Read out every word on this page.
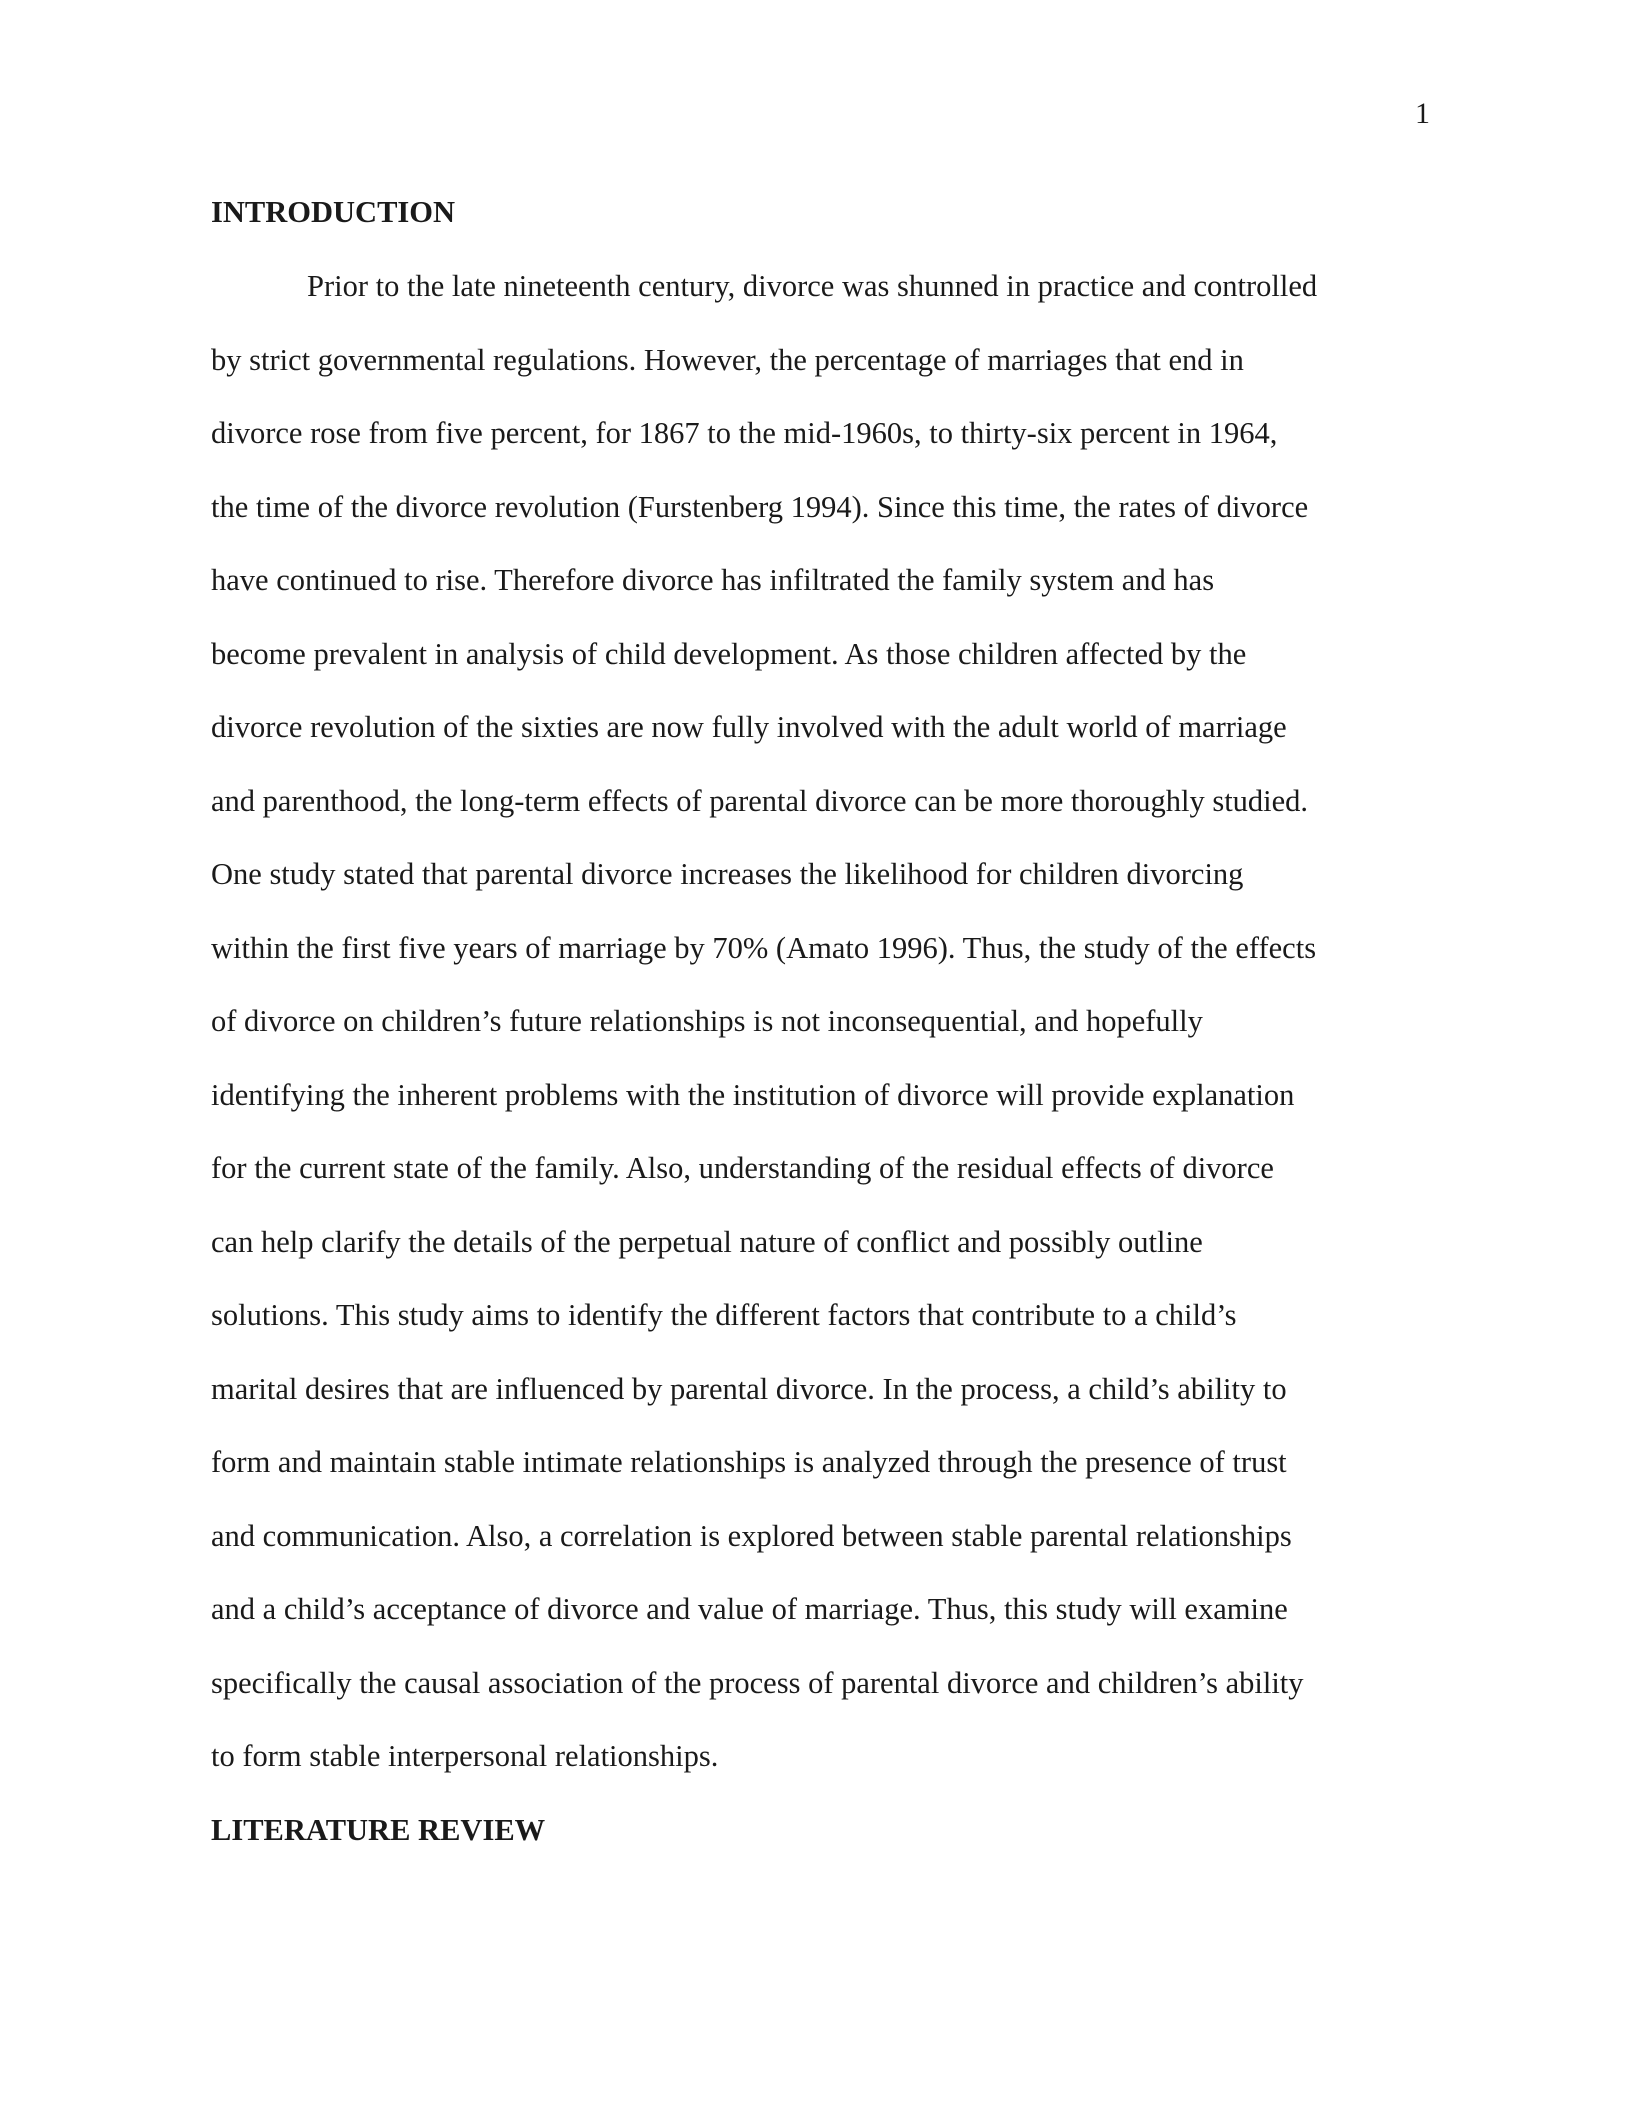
1
INTRODUCTION
Prior to the late nineteenth century, divorce was shunned in practice and controlled
by strict governmental regulations. However, the percentage of marriages that end in
divorce rose from five percent, for 1867 to the mid-1960s, to thirty-six percent in 1964,
the time of the divorce revolution (Furstenberg 1994). Since this time, the rates of divorce
have continued to rise. Therefore divorce has infiltrated the family system and has
become prevalent in analysis of child development. As those children affected by the
divorce revolution of the sixties are now fully involved with the adult world of marriage
and parenthood, the long-term effects of parental divorce can be more thoroughly studied.
One study stated that parental divorce increases the likelihood for children divorcing
within the first five years of marriage by 70% (Amato 1996). Thus, the study of the effects
of divorce on children’s future relationships is not inconsequential, and hopefully
identifying the inherent problems with the institution of divorce will provide explanation
for the current state of the family. Also, understanding of the residual effects of divorce
can help clarify the details of the perpetual nature of conflict and possibly outline
solutions. This study aims to identify the different factors that contribute to a child’s
marital desires that are influenced by parental divorce. In the process, a child’s ability to
form and maintain stable intimate relationships is analyzed through the presence of trust
and communication. Also, a correlation is explored between stable parental relationships
and a child’s acceptance of divorce and value of marriage. Thus, this study will examine
specifically the causal association of the process of parental divorce and children’s ability
to form stable interpersonal relationships.
LITERATURE REVIEW
